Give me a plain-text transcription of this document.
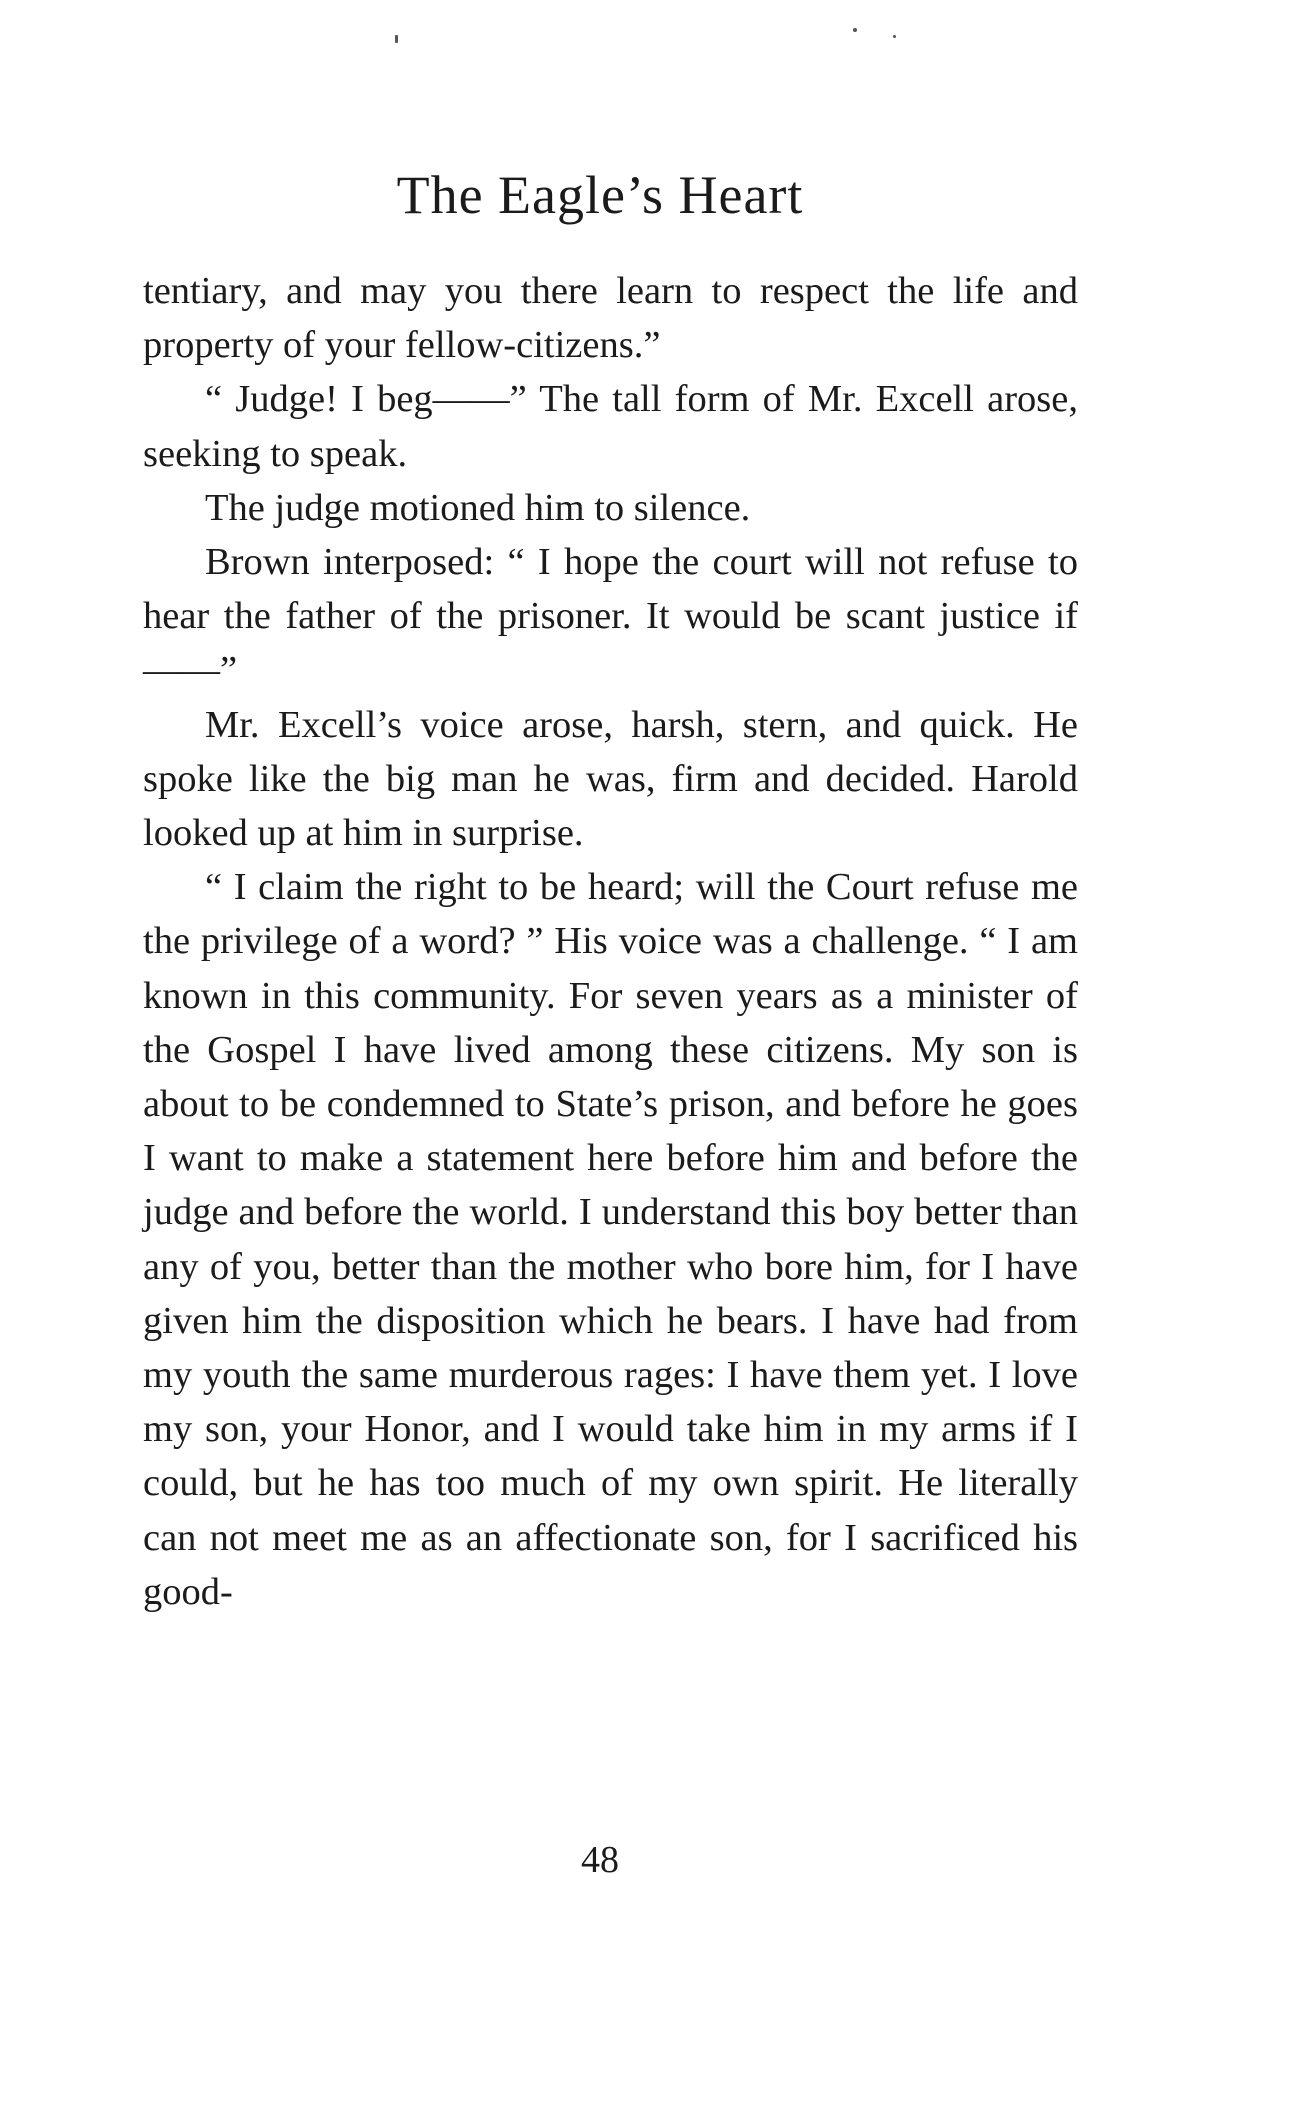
The Eagle’s Heart

tentiary, and may you there learn to respect the life and property of your fellow-citizens.”

“ Judge! I beg——” The tall form of Mr. Excell arose, seeking to speak.

The judge motioned him to silence.

Brown interposed: “ I hope the court will not refuse to hear the father of the prisoner. It would be scant justice if——”

Mr. Excell’s voice arose, harsh, stern, and quick. He spoke like the big man he was, firm and decided. Harold looked up at him in surprise.

“ I claim the right to be heard; will the Court refuse me the privilege of a word? ” His voice was a challenge. “ I am known in this community. For seven years as a minister of the Gospel I have lived among these citizens. My son is about to be condemned to State’s prison, and before he goes I want to make a statement here before him and before the judge and before the world. I understand this boy better than any of you, better than the mother who bore him, for I have given him the disposition which he bears. I have had from my youth the same murderous rages: I have them yet. I love my son, your Honor, and I would take him in my arms if I could, but he has too much of my own spirit. He literally can not meet me as an affectionate son, for I sacrificed his good-

48
